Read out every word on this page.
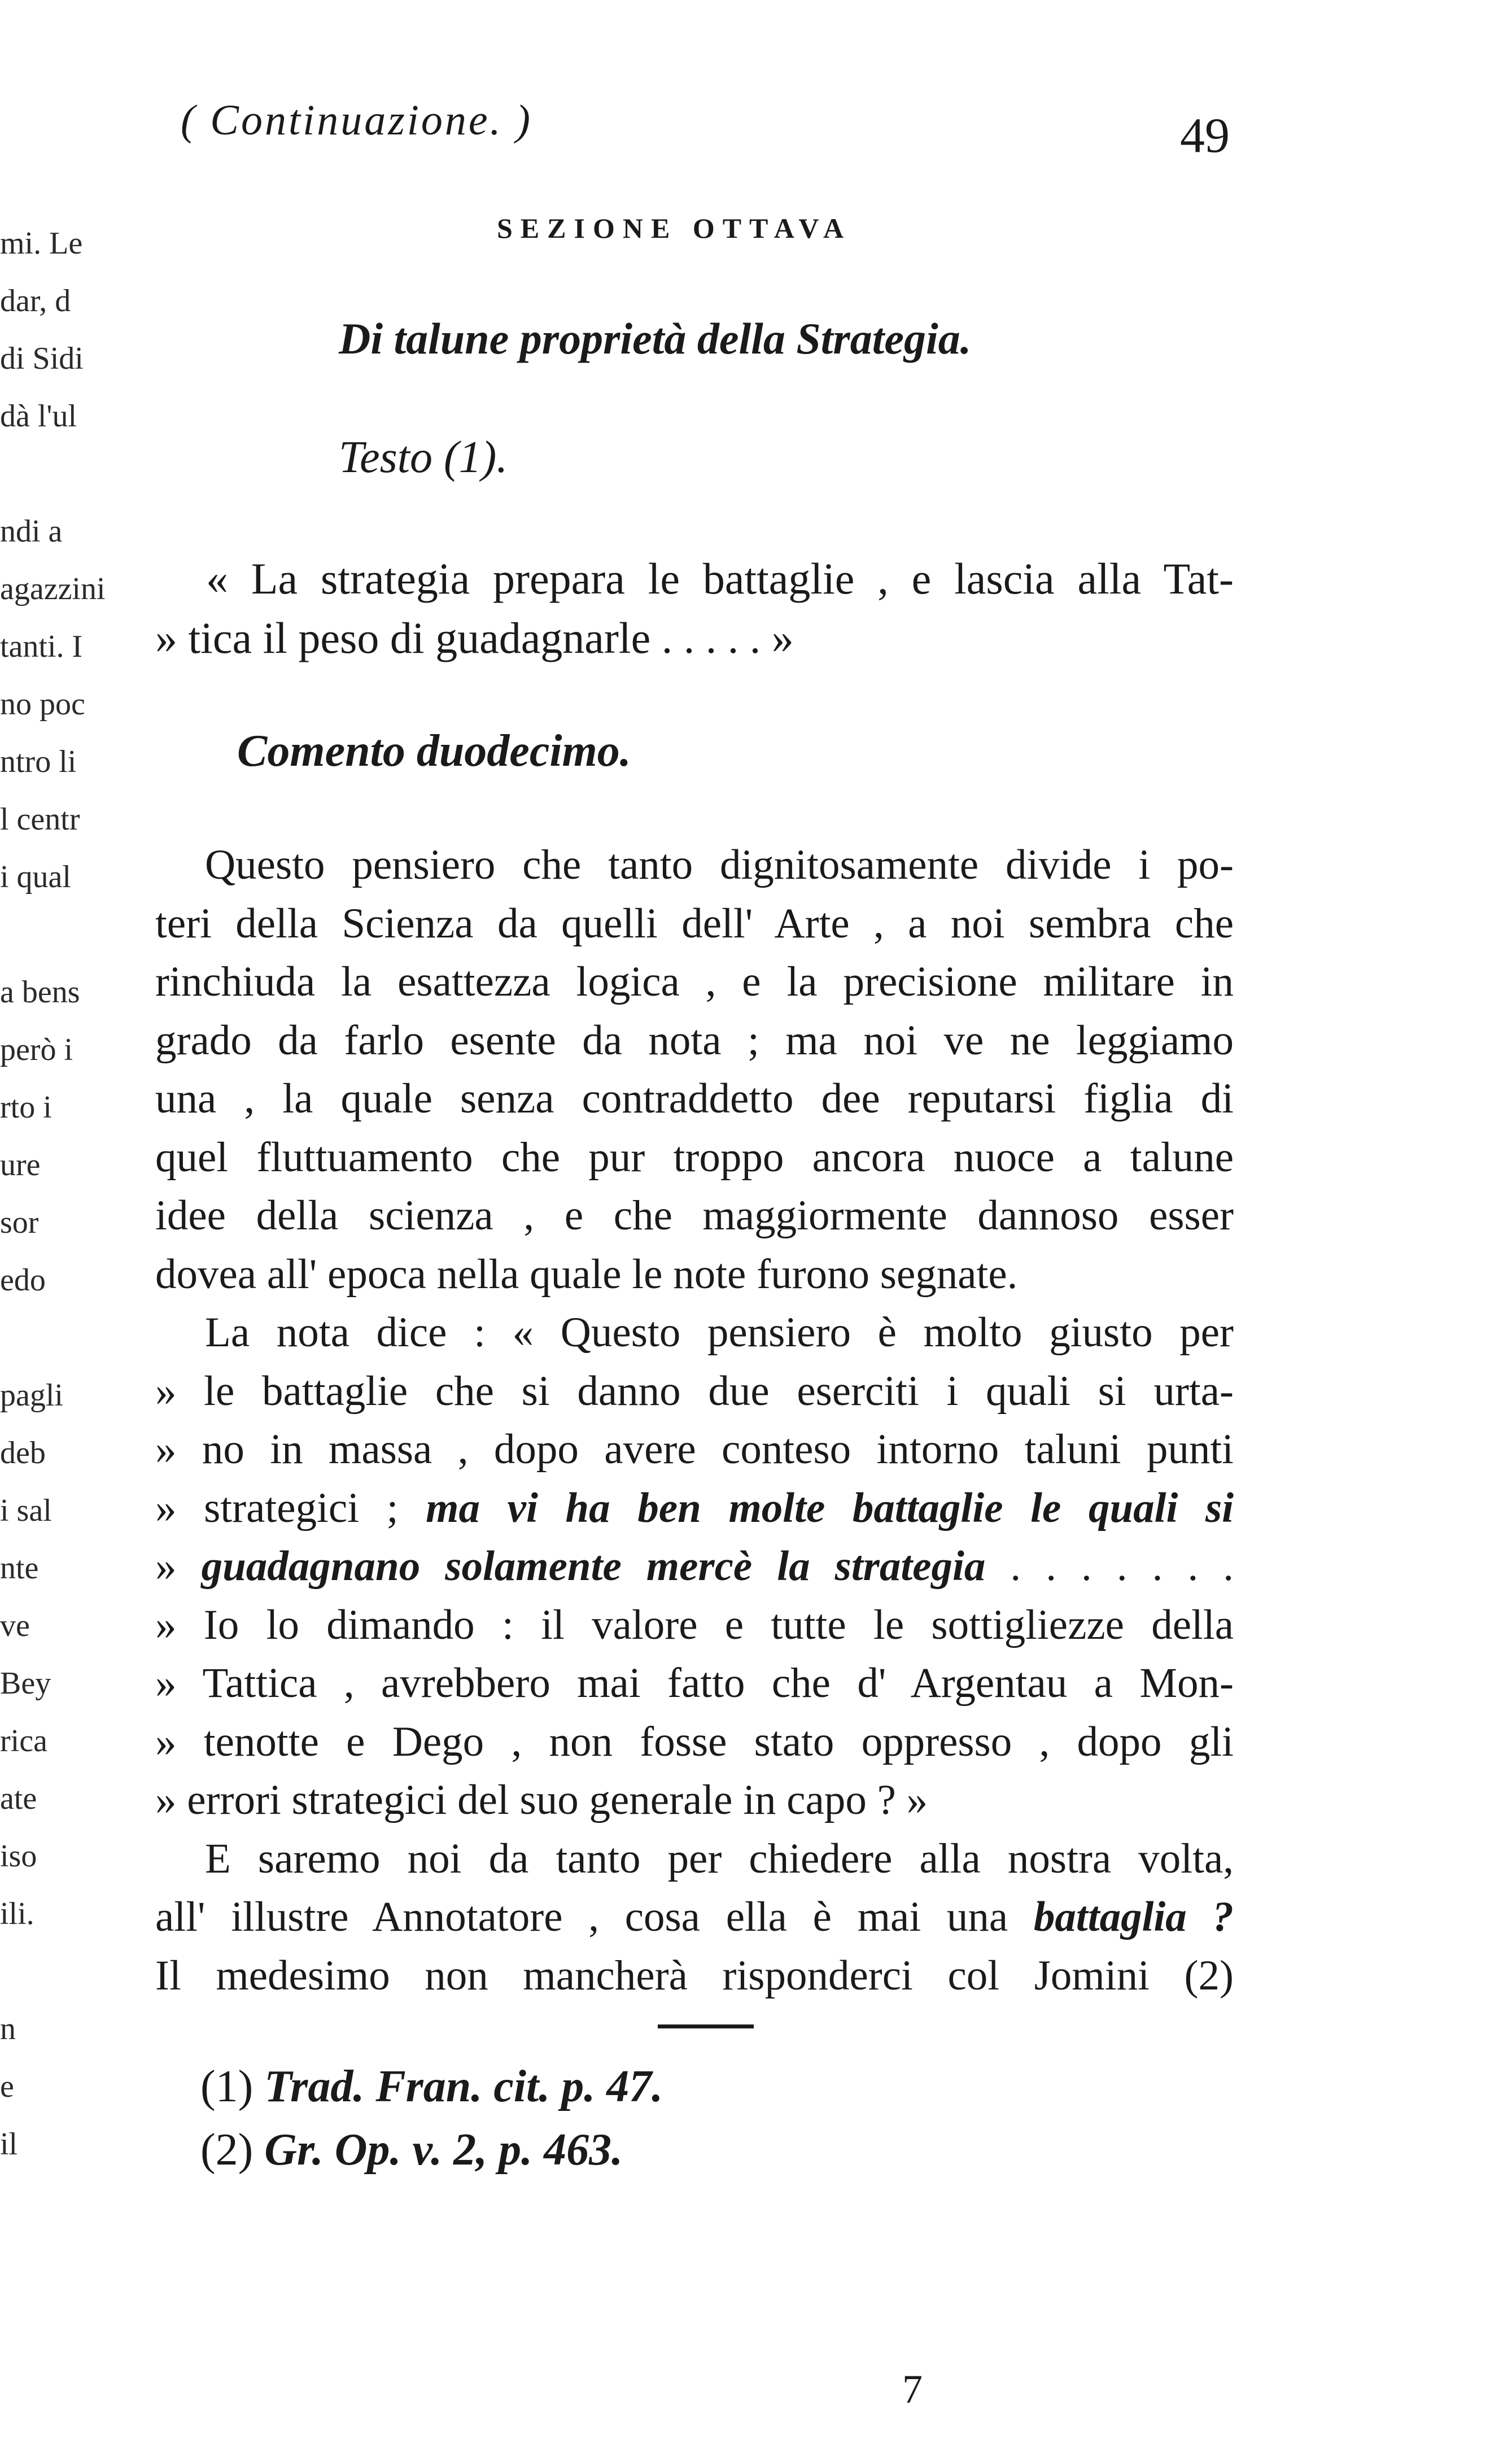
mi. Le
dar, d
di Sidi
dà l'ul
ndi a
agazzini
tanti. I
no poc
ntro li
l centr
i qual
a bens
però i
rto i
ure
sor
edo
pagli
deb
i sal
nte
ve
Bey
rica
ate
iso
ili.
n
e
il
( Continuazione. )	49
SEZIONE OTTAVA
Di talune proprietà della Strategia.
Testo (1).
« La strategia prepara le battaglie , e lascia alla Tat-
» tica il peso di guadagnarle . . . . . »
Comento duodecimo.
Questo pensiero che tanto dignitosamente divide i po-
teri della Scienza da quelli dell' Arte , a noi sembra che
rinchiuda la esattezza logica , e la precisione militare in
grado da farlo esente da nota ; ma noi ve ne leggiamo
una , la quale senza contraddetto dee reputarsi figlia di
quel fluttuamento che pur troppo ancora nuoce a talune
idee della scienza , e che maggiormente dannoso esser
dovea all' epoca nella quale le note furono segnate.
La nota dice : « Questo pensiero è molto giusto per
» le battaglie che si danno due eserciti i quali si urta-
» no in massa , dopo avere conteso intorno taluni punti
» strategici ; ma vi ha ben molte battaglie le quali si
» guadagnano solamente mercè la strategia . . . . . . .
» Io lo dimando : il valore e tutte le sottigliezze della
» Tattica , avrebbero mai fatto che d' Argentau a Mon-
» tenotte e Dego , non fosse stato oppresso , dopo gli
» errori strategici del suo generale in capo ? »
E saremo noi da tanto per chiedere alla nostra volta,
all' illustre Annotatore , cosa ella è mai una battaglia ?
Il medesimo non mancherà risponderci col Jomini (2)
(1) Trad. Fran. cit. p. 47.
(2) Gr. Op. v. 2, p. 463.
7
